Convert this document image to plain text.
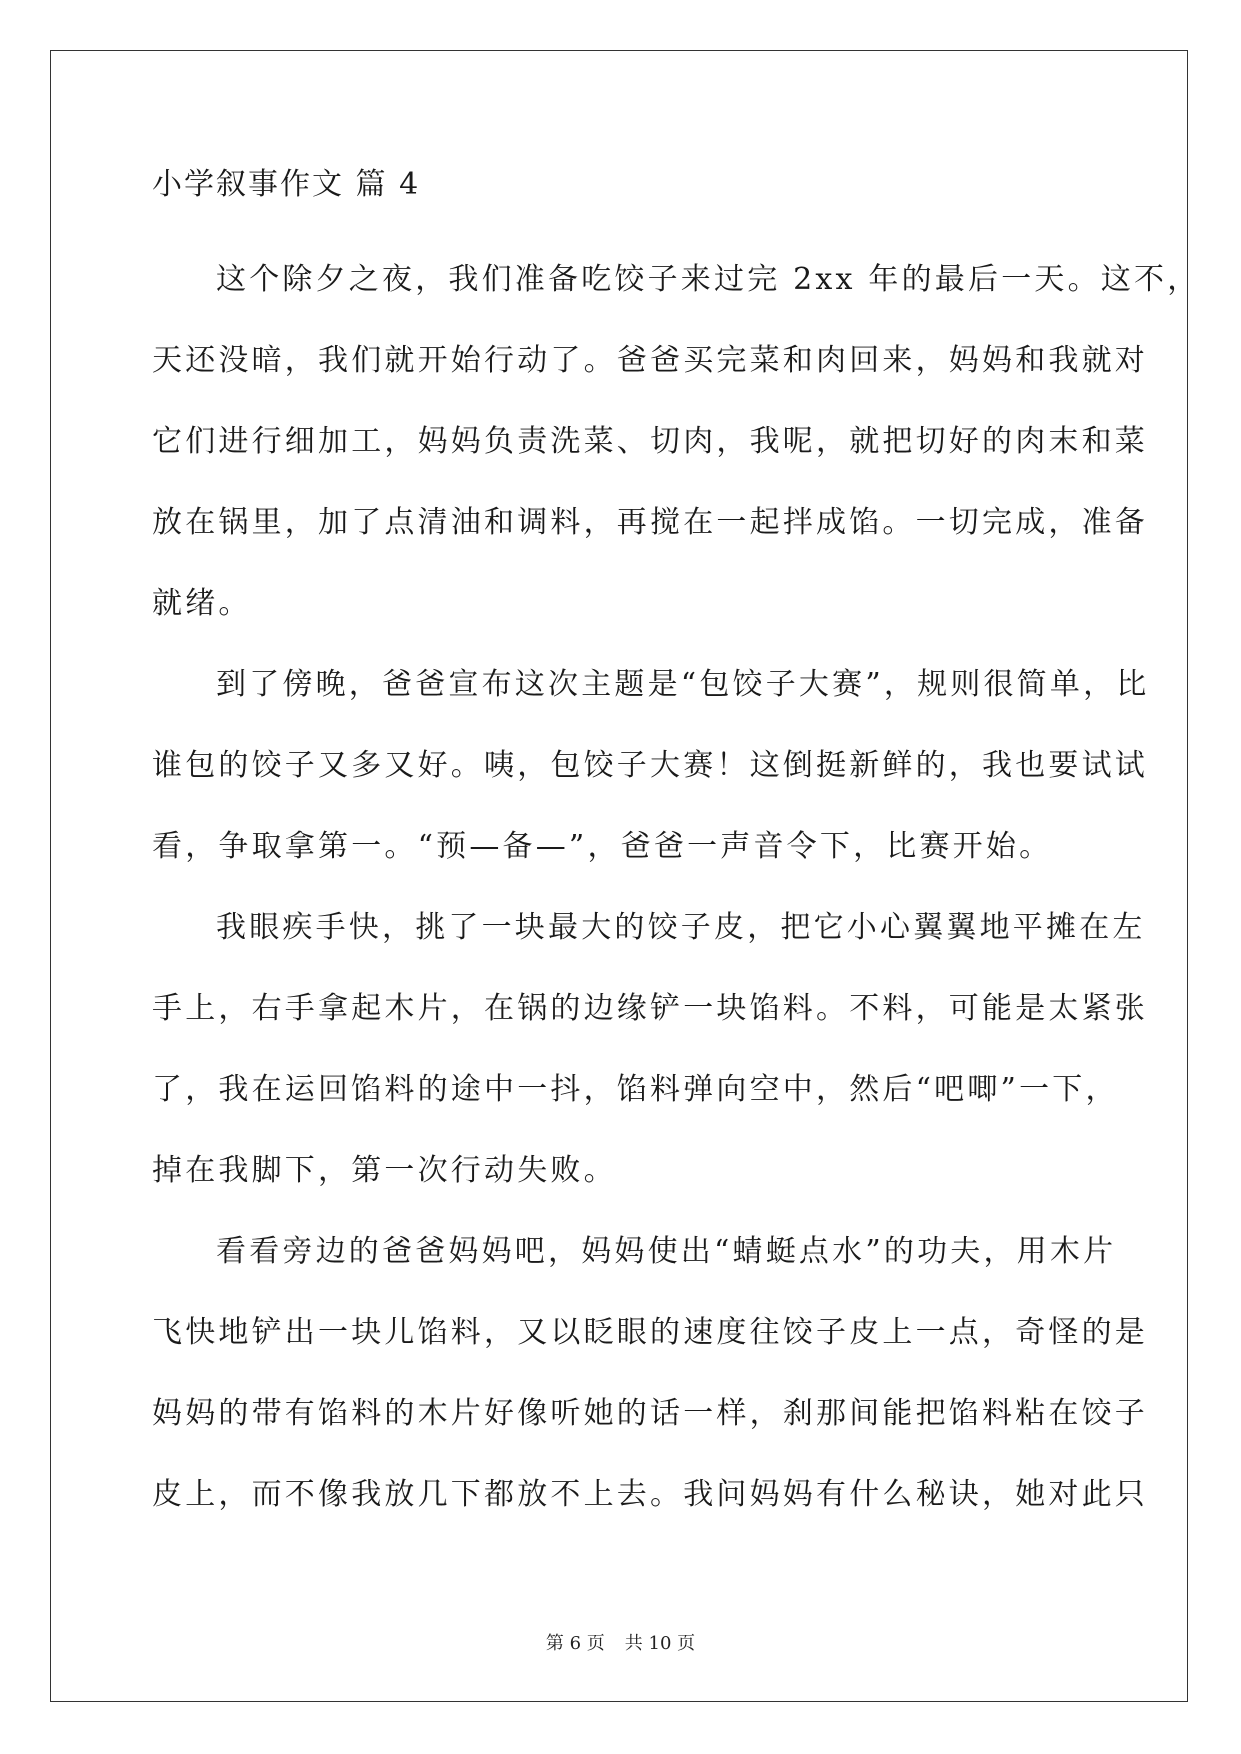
小学叙事作文 篇 4
这个除夕之夜，我们准备吃饺子来过完 2xx 年的最后一天。这不，
天还没暗，我们就开始行动了。爸爸买完菜和肉回来，妈妈和我就对
它们进行细加工，妈妈负责洗菜、切肉，我呢，就把切好的肉末和菜
放在锅里，加了点清油和调料，再搅在一起拌成馅。一切完成，准备
就绪。
到了傍晚，爸爸宣布这次主题是“包饺子大赛”，规则很简单，比
谁包的饺子又多又好。咦，包饺子大赛！这倒挺新鲜的，我也要试试
看，争取拿第一。“预—备—”，爸爸一声音令下，比赛开始。
我眼疾手快，挑了一块最大的饺子皮，把它小心翼翼地平摊在左
手上，右手拿起木片，在锅的边缘铲一块馅料。不料，可能是太紧张
了，我在运回馅料的途中一抖，馅料弹向空中，然后“吧唧”一下，
掉在我脚下，第一次行动失败。
看看旁边的爸爸妈妈吧，妈妈使出“蜻蜓点水”的功夫，用木片
飞快地铲出一块儿馅料，又以眨眼的速度往饺子皮上一点，奇怪的是
妈妈的带有馅料的木片好像听她的话一样，刹那间能把馅料粘在饺子
皮上，而不像我放几下都放不上去。我问妈妈有什么秘诀，她对此只
第 6 页 共 10 页
